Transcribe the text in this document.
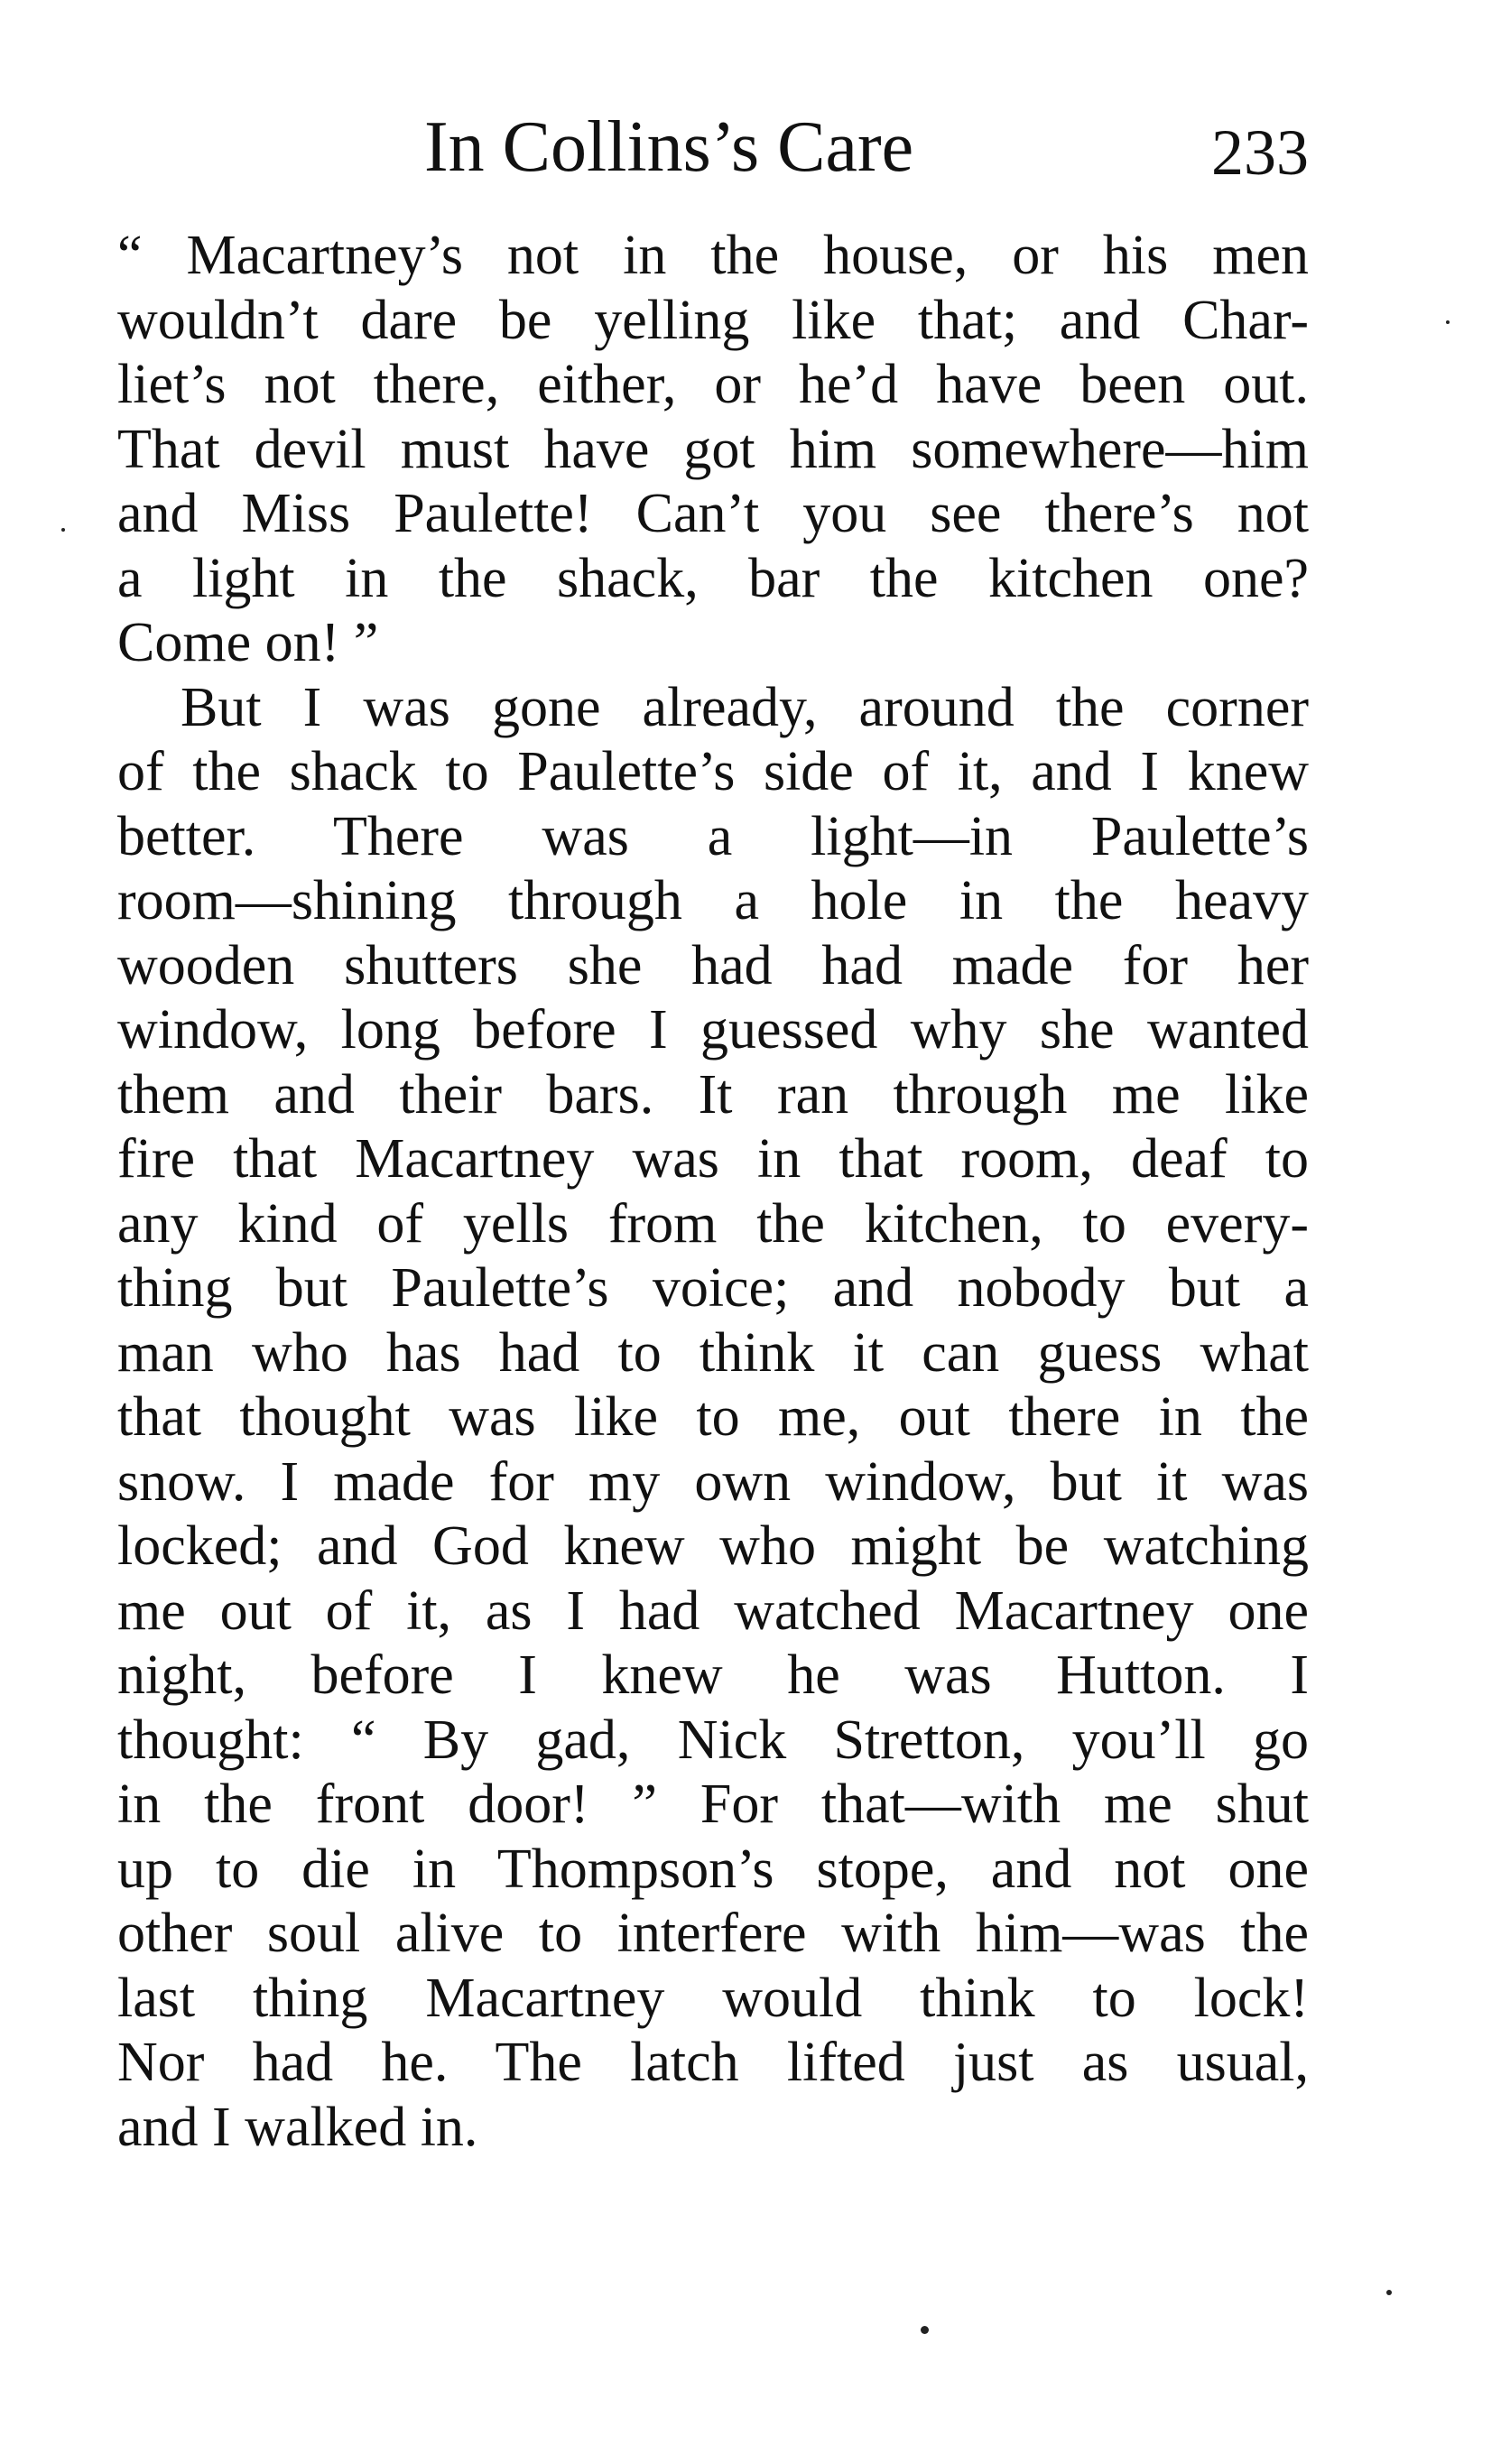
In Collins’s Care	233
“ Macartney’s not in the house, or his men
wouldn’t dare be yelling like that; and Char-
liet’s not there, either, or he’d have been out.
That devil must have got him somewhere—him
and Miss Paulette! Can’t you see there’s not
a light in the shack, bar the kitchen one?
Come on! ”
But I was gone already, around the corner
of the shack to Paulette’s side of it, and I knew
better. There was a light—in Paulette’s
room—shining through a hole in the heavy
wooden shutters she had had made for her
window, long before I guessed why she wanted
them and their bars. It ran through me like
fire that Macartney was in that room, deaf to
any kind of yells from the kitchen, to every-
thing but Paulette’s voice; and nobody but a
man who has had to think it can guess what
that thought was like to me, out there in the
snow. I made for my own window, but it was
locked; and God knew who might be watching
me out of it, as I had watched Macartney one
night, before I knew he was Hutton. I
thought: “ By gad, Nick Stretton, you’ll go
in the front door! ” For that—with me shut
up to die in Thompson’s stope, and not one
other soul alive to interfere with him—was the
last thing Macartney would think to lock!
Nor had he. The latch lifted just as usual,
and I walked in.
